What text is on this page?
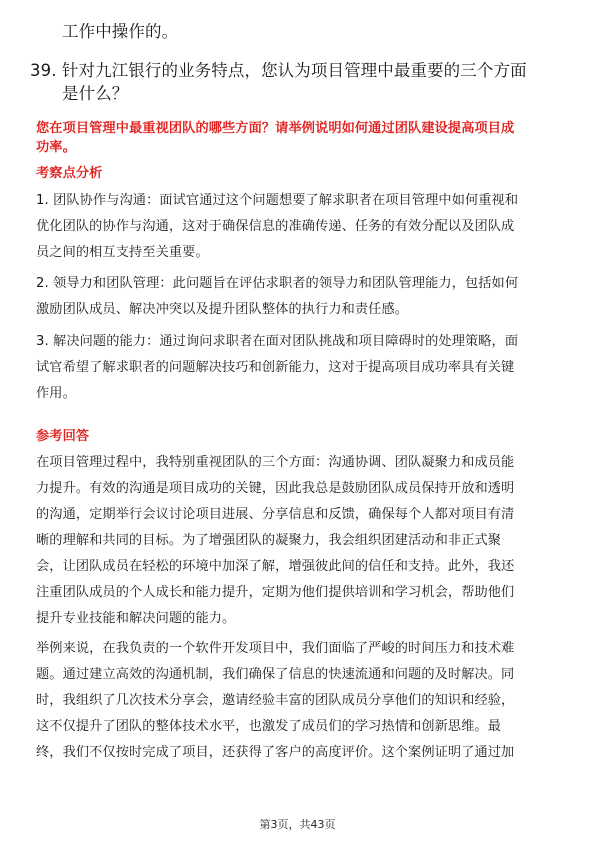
工作中操作的。
39. 针对九江银行的业务特点，您认为项目管理中最重要的三个方面
是什么？
您在项目管理中最重视团队的哪些方面？请举例说明如何通过团队建设提高项目成
功率。
考察点分析
1. 团队协作与沟通：面试官通过这个问题想要了解求职者在项目管理中如何重视和
优化团队的协作与沟通，这对于确保信息的准确传递、任务的有效分配以及团队成
员之间的相互支持至关重要。
2. 领导力和团队管理：此问题旨在评估求职者的领导力和团队管理能力，包括如何
激励团队成员、解决冲突以及提升团队整体的执行力和责任感。
3. 解决问题的能力：通过询问求职者在面对团队挑战和项目障碍时的处理策略，面
试官希望了解求职者的问题解决技巧和创新能力，这对于提高项目成功率具有关键
作用。
参考回答
在项目管理过程中，我特别重视团队的三个方面：沟通协调、团队凝聚力和成员能
力提升。有效的沟通是项目成功的关键，因此我总是鼓励团队成员保持开放和透明
的沟通，定期举行会议讨论项目进展、分享信息和反馈，确保每个人都对项目有清
晰的理解和共同的目标。为了增强团队的凝聚力，我会组织团建活动和非正式聚
会，让团队成员在轻松的环境中加深了解，增强彼此间的信任和支持。此外，我还
注重团队成员的个人成长和能力提升，定期为他们提供培训和学习机会，帮助他们
提升专业技能和解决问题的能力。
举例来说，在我负责的一个软件开发项目中，我们面临了严峻的时间压力和技术难
题。通过建立高效的沟通机制，我们确保了信息的快速流通和问题的及时解决。同
时，我组织了几次技术分享会，邀请经验丰富的团队成员分享他们的知识和经验，
这不仅提升了团队的整体技术水平，也激发了成员们的学习热情和创新思维。最
终，我们不仅按时完成了项目，还获得了客户的高度评价。这个案例证明了通过加
第3页，共43页
